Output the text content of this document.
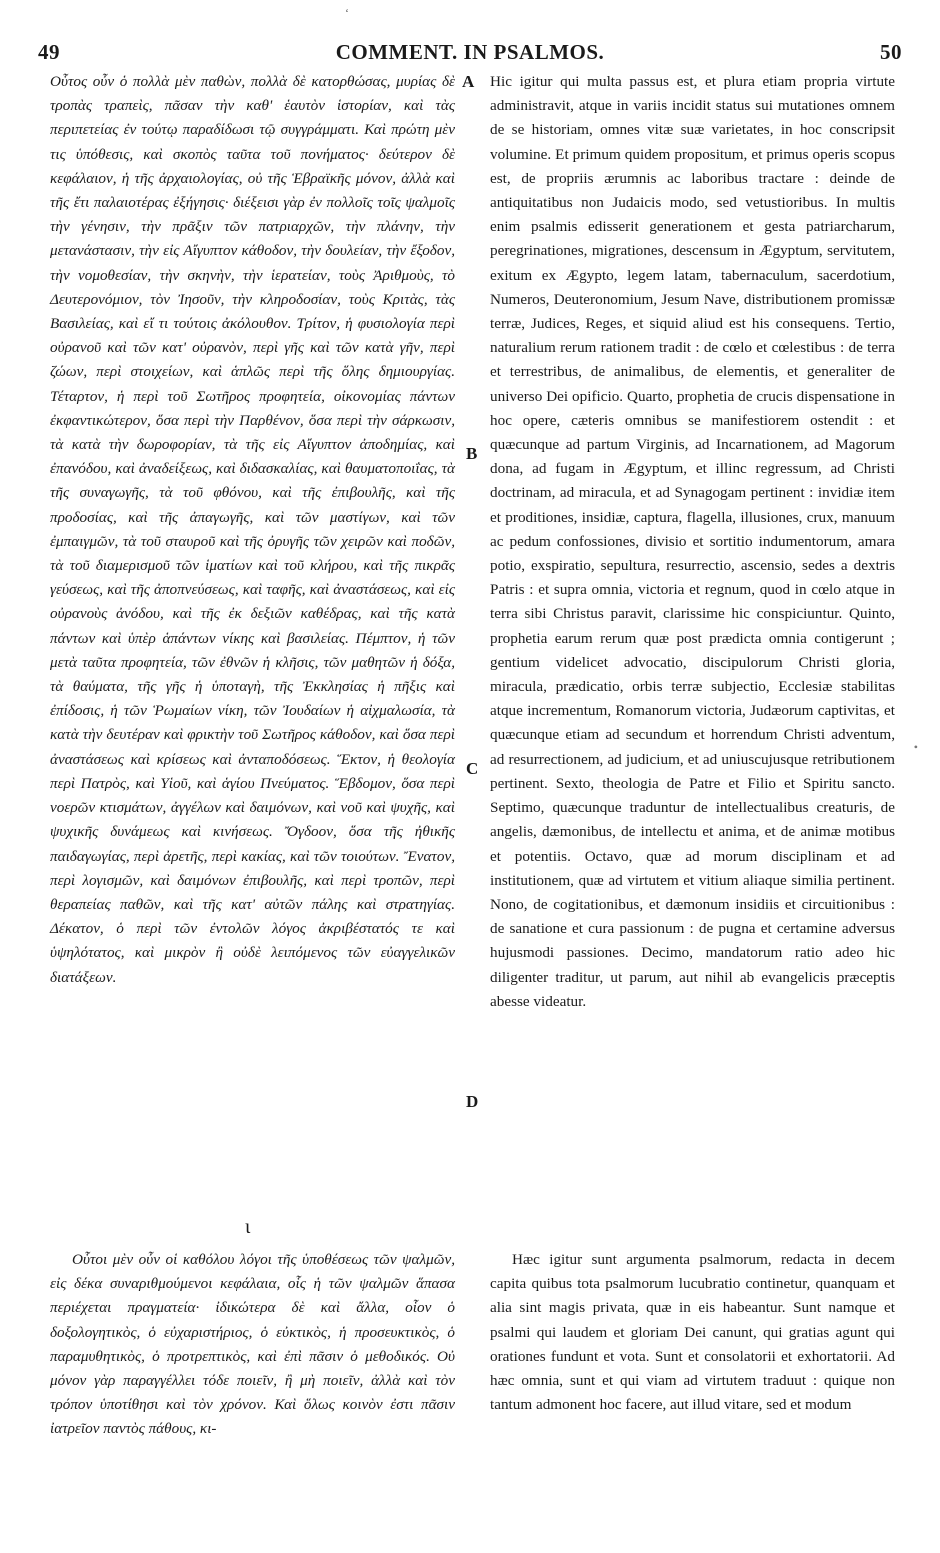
‘
49	COMMENT. IN PSALMOS.	50

Οὗτος οὖν ὁ πολλὰ μὲν παθὼν, πολλὰ δὲ κατορθώσας, μυρίας δὲ τροπὰς τραπεὶς, πᾶσαν τὴν καθ' ἑαυτὸν ἱστορίαν, καὶ τὰς περιπετείας ἐν τούτῳ παραδίδωσι τῷ συγγράμματι. Καὶ πρώτη μὲν τις ὑπόθεσις, καὶ σκοπὸς ταῦτα τοῦ πονήματος· δεύτερον δὲ κεφάλαιον, ἡ τῆς ἀρχαιολογίας, οὐ τῆς Ἑβραϊκῆς μόνον, ἀλλὰ καὶ τῆς ἔτι παλαιοτέρας ἐξήγησις· διέξεισι γὰρ ἐν πολλοῖς τοῖς ψαλμοῖς τὴν γένησιν, τὴν πρᾶξιν τῶν πατριαρχῶν, τὴν πλάνην, τὴν μετανάστασιν, τὴν εἰς Αἴγυπτον κάθοδον, τὴν δουλείαν, τὴν ἔξοδον, τὴν νομοθεσίαν, τὴν σκηνὴν, τὴν ἱερατείαν, τοὺς Ἀριθμοὺς, τὸ Δευτερονόμιον, τὸν Ἰησοῦν, τὴν κληροδοσίαν, τοὺς Κριτὰς, τὰς Βασιλείας, καὶ εἴ τι τούτοις ἀκόλουθον. Τρίτον, ἡ φυσιολογία περὶ οὐρανοῦ καὶ τῶν κατ' οὐρανὸν, περὶ γῆς καὶ τῶν κατὰ γῆν, περὶ ζώων, περὶ στοιχείων, καὶ ἁπλῶς περὶ τῆς ὅλης δημιουργίας. Τέταρτον, ἡ περὶ τοῦ Σωτῆρος προφητεία, οἰκονομίας πάντων ἐκφαντικώτερον, ὅσα περὶ τὴν Παρθένον, ὅσα περὶ τὴν σάρκωσιν, τὰ κατὰ τὴν δωροφορίαν, τὰ τῆς εἰς Αἴγυπτον ἀποδημίας, καὶ ἐπανόδου, καὶ ἀναδείξεως, καὶ διδασκαλίας, καὶ θαυματοποιΐας, τὰ τῆς συναγωγῆς, τὰ τοῦ φθόνου, καὶ τῆς ἐπιβουλῆς, καὶ τῆς προδοσίας, καὶ τῆς ἀπαγωγῆς, καὶ τῶν μαστίγων, καὶ τῶν ἐμπαιγμῶν, τὰ τοῦ σταυροῦ καὶ τῆς ὀρυγῆς τῶν χειρῶν καὶ ποδῶν, τὰ τοῦ διαμερισμοῦ τῶν ἱματίων καὶ τοῦ κλήρου, καὶ τῆς πικρᾶς γεύσεως, καὶ τῆς ἀποπνεύσεως, καὶ ταφῆς, καὶ ἀναστάσεως, καὶ εἰς οὐρανοὺς ἀνόδου, καὶ τῆς ἐκ δεξιῶν καθέδρας, καὶ τῆς κατὰ πάντων καὶ ὑπὲρ ἁπάντων νίκης καὶ βασιλείας. Πέμπτον, ἡ τῶν μετὰ ταῦτα προφητεία, τῶν ἐθνῶν ἡ κλῆσις, τῶν μαθητῶν ἡ δόξα, τὰ θαύματα, τῆς γῆς ἡ ὑποταγὴ, τῆς Ἐκκλησίας ἡ πῆξις καὶ ἐπίδοσις, ἡ τῶν Ῥωμαίων νίκη, τῶν Ἰουδαίων ἡ αἰχμαλωσία, τὰ κατὰ τὴν δευτέραν καὶ φρικτὴν τοῦ Σωτῆρος κάθοδον, καὶ ὅσα περὶ ἀναστάσεως καὶ κρίσεως καὶ ἀνταποδόσεως. Ἕκτον, ἡ θεολογία περὶ Πατρὸς, καὶ Υἱοῦ, καὶ ἁγίου Πνεύματος. Ἕβδομον, ὅσα περὶ νοερῶν κτισμάτων, ἀγγέλων καὶ δαιμόνων, καὶ νοῦ καὶ ψυχῆς, καὶ ψυχικῆς δυνάμεως καὶ κινήσεως. Ὄγδοον, ὅσα τῆς ἠθικῆς παιδαγωγίας, περὶ ἀρετῆς, περὶ κακίας, καὶ τῶν τοιούτων. Ἔνατον, περὶ λογισμῶν, καὶ δαιμόνων ἐπιβουλῆς, καὶ περὶ τροπῶν, περὶ θεραπείας παθῶν, καὶ τῆς κατ' αὐτῶν πάλης καὶ στρατηγίας. Δέκατον, ὁ περὶ τῶν ἐντολῶν λόγος ἀκριβέστατός τε καὶ ὑψηλότατος, καὶ μικρὸν ἢ οὐδὲ λειπόμενος τῶν εὐαγγελικῶν διατάξεων.

Hic igitur qui multa passus est, et plura etiam propria virtute administravit, atque in variis incidit status sui mutationes omnem de se historiam, omnes vitæ suæ varietates, in hoc conscripsit volumine. Et primum quidem propositum, et primus operis scopus est, de propriis ærumnis ac laboribus tractare : deinde de antiquitatibus non Judaicis modo, sed vetustioribus. In multis enim psalmis edisserit generationem et gesta patriarcharum, peregrinationes, migrationes, descensum in Ægyptum, servitutem, exitum ex Ægypto, legem latam, tabernaculum, sacerdotium, Numeros, Deuteronomium, Jesum Nave, distributionem promissæ terræ, Judices, Reges, et siquid aliud est his consequens. Tertio, naturalium rerum rationem tradit : de cœlo et cœlestibus : de terra et terrestribus, de animalibus, de elementis, et generaliter de universo Dei opificio. Quarto, prophetia de crucis dispensatione in hoc opere, cæteris omnibus se manifestiorem ostendit : et quæcunque ad partum Virginis, ad Incarnationem, ad Magorum dona, ad fugam in Ægyptum, et illinc regressum, ad Christi doctrinam, ad miracula, et ad Synagogam pertinent : invidiæ item et proditiones, insidiæ, captura, flagella, illusiones, crux, manuum ac pedum confossiones, divisio et sortitio indumentorum, amara potio, exspiratio, sepultura, resurrectio, ascensio, sedes a dextris Patris : et supra omnia, victoria et regnum, quod in cœlo atque in terra sibi Christus paravit, clarissime hic conspiciuntur. Quinto, prophetia earum rerum quæ post prædicta omnia contigerunt ; gentium videlicet advocatio, discipulorum Christi gloria, miracula, prædicatio, orbis terræ subjectio, Ecclesiæ stabilitas atque incrementum, Romanorum victoria, Judæorum captivitas, et quæcunque etiam ad secundum et horrendum Christi adventum, ad resurrectionem, ad judicium, et ad uniuscujusque retributionem pertinent. Sexto, theologia de Patre et Filio et Spiritu sancto. Septimo, quæcunque traduntur de intellectualibus creaturis, de angelis, dæmonibus, de intellectu et anima, et de animæ motibus et potentiis. Octavo, quæ ad morum disciplinam et ad institutionem, quæ ad virtutem et vitium aliaque similia pertinent. Nono, de cogitationibus, et dæmonum insidiis et circuitionibus : de sanatione et cura passionum : de pugna et certamine adversus hujusmodi passiones. Decimo, mandatorum ratio adeo hic diligenter traditur, ut parum, aut nihil ab evangelicis præceptis abesse videatur.

A
B
C
D
ι
•

Οὗτοι μὲν οὖν οἱ καθόλου λόγοι τῆς ὑποθέσεως τῶν ψαλμῶν, εἰς δέκα συναριθμούμενοι κεφάλαια, οἷς ἡ τῶν ψαλμῶν ἅπασα περιέχεται πραγματεία· ἰδικώτερα δὲ καὶ ἄλλα, οἷον ὁ δοξολογητικὸς, ὁ εὐχαριστήριος, ὁ εὐκτικὸς, ἡ προσευκτικὸς, ὁ παραμυθητικὸς, ὁ προτρεπτικὸς, καὶ ἐπὶ πᾶσιν ὁ μεθοδικός. Οὐ μόνον γὰρ παραγγέλλει τόδε ποιεῖν, ἢ μὴ ποιεῖν, ἀλλὰ καὶ τὸν τρόπον ὑποτίθησι καὶ τὸν χρόνον. Καὶ ὅλως κοινὸν ἐστι πᾶσιν ἰατρεῖον παντὸς πάθους, κι-

Hæc igitur sunt argumenta psalmorum, redacta in decem capita quibus tota psalmorum lucubratio continetur, quanquam et alia sint magis privata, quæ in eis habeantur. Sunt namque et psalmi qui laudem et gloriam Dei canunt, qui gratias agunt qui orationes fundunt et vota. Sunt et consolatorii et exhortatorii. Ad hæc omnia, sunt et qui viam ad virtutem traduut : quique non tantum admonent hoc facere, aut illud vitare, sed et modum
